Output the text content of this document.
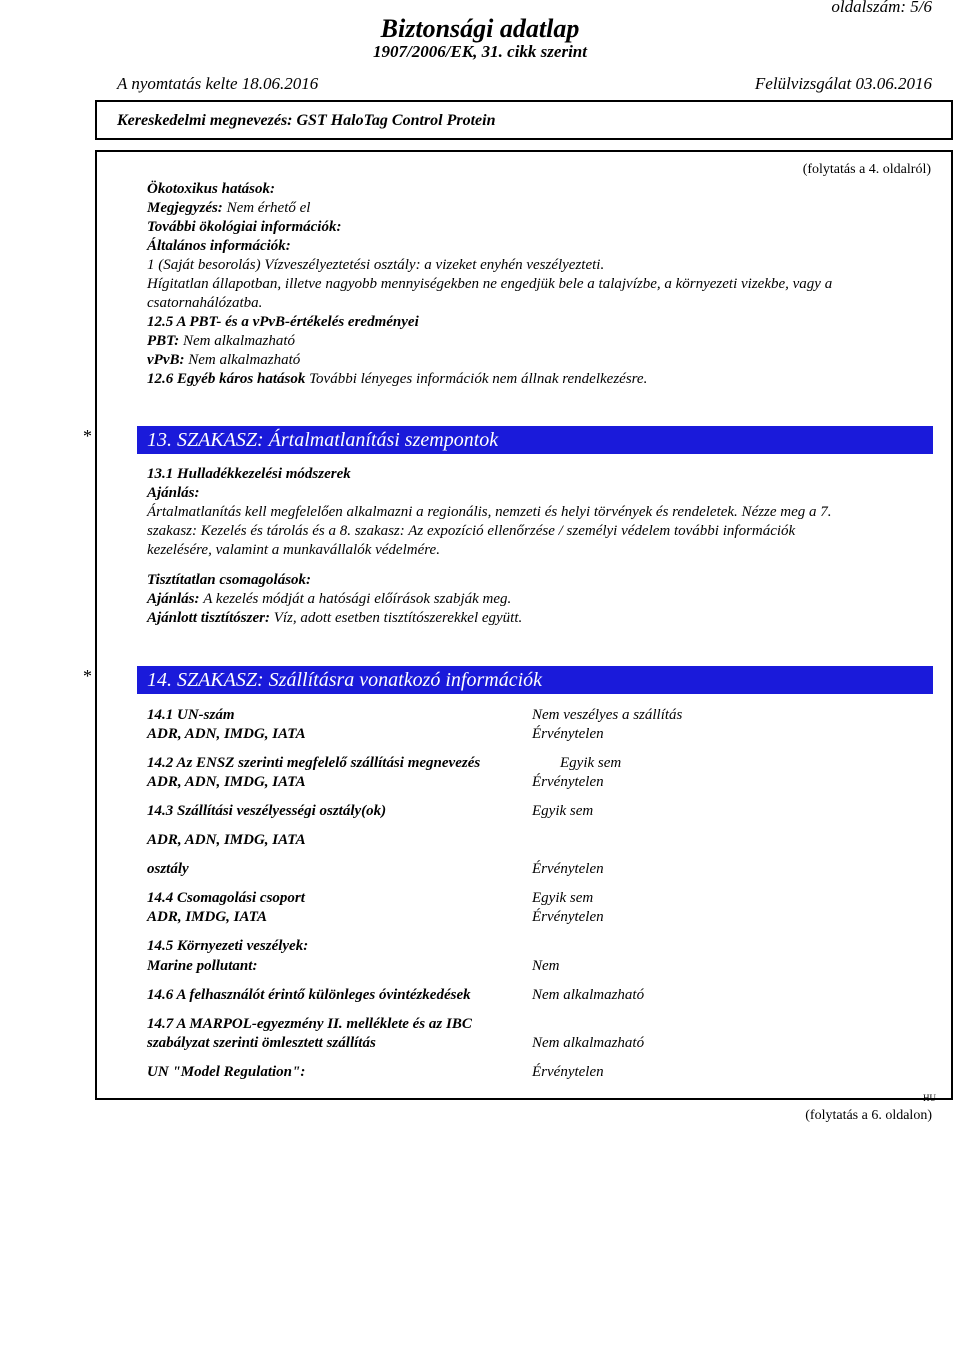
oldalszám: 5/6
Biztonsági adatlap
1907/2006/EK, 31. cikk szerint
A nyomtatás kelte 18.06.2016	Felülvizsgálat 03.06.2016
Kereskedelmi megnevezés: GST HaloTag Control Protein
(folytatás a 4. oldalról)
Ökotoxikus hatások:
Megjegyzés: Nem érhető el
További ökológiai információk:
Általános információk:
1 (Saját besorolás) Vízveszélyeztetési osztály: a vizeket enyhén veszélyezteti.
Hígitatlan állapotban, illetve nagyobb mennyiségekben ne engedjük bele a talajvízbe, a környezeti vizekbe, vagy a
csatornahálózatba.
12.5 A PBT- és a vPvB-értékelés eredményei
PBT: Nem alkalmazható
vPvB: Nem alkalmazható
12.6 Egyéb káros hatások További lényeges információk nem állnak rendelkezésre.
*	13. SZAKASZ: Ártalmatlanítási szempontok
13.1 Hulladékkezelési módszerek
Ajánlás:
Ártalmatlanítás kell megfelelően alkalmazni a regionális, nemzeti és helyi törvények és rendeletek. Nézze meg a 7.
szakasz: Kezelés és tárolás és a 8. szakasz: Az expozíció ellenőrzése / személyi védelem további információk
kezelésére, valamint a munkavállalók védelmére.
Tisztítatlan csomagolások:
Ajánlás: A kezelés módját a hatósági előírások szabják meg.
Ajánlott tisztítószer: Víz, adott esetben tisztítószerekkel együtt.
*	14. SZAKASZ: Szállításra vonatkozó információk
14.1 UN-szám	Nem veszélyes a szállítás
ADR, ADN, IMDG, IATA	Érvénytelen
14.2 Az ENSZ szerinti megfelelő szállítási megnevezés	Egyik sem
ADR, ADN, IMDG, IATA	Érvénytelen
14.3 Szállítási veszélyességi osztály(ok)	Egyik sem
ADR, ADN, IMDG, IATA
osztály	Érvénytelen
14.4 Csomagolási csoport	Egyik sem
ADR, IMDG, IATA	Érvénytelen
14.5 Környezeti veszélyek:
Marine pollutant:	Nem
14.6 A felhasználót érintő különleges óvintézkedések	Nem alkalmazható
14.7 A MARPOL-egyezmény II. melléklete és az IBC
szabályzat szerinti ömlesztett szállítás	Nem alkalmazható
UN "Model Regulation":	Érvénytelen
HU
(folytatás a 6. oldalon)
